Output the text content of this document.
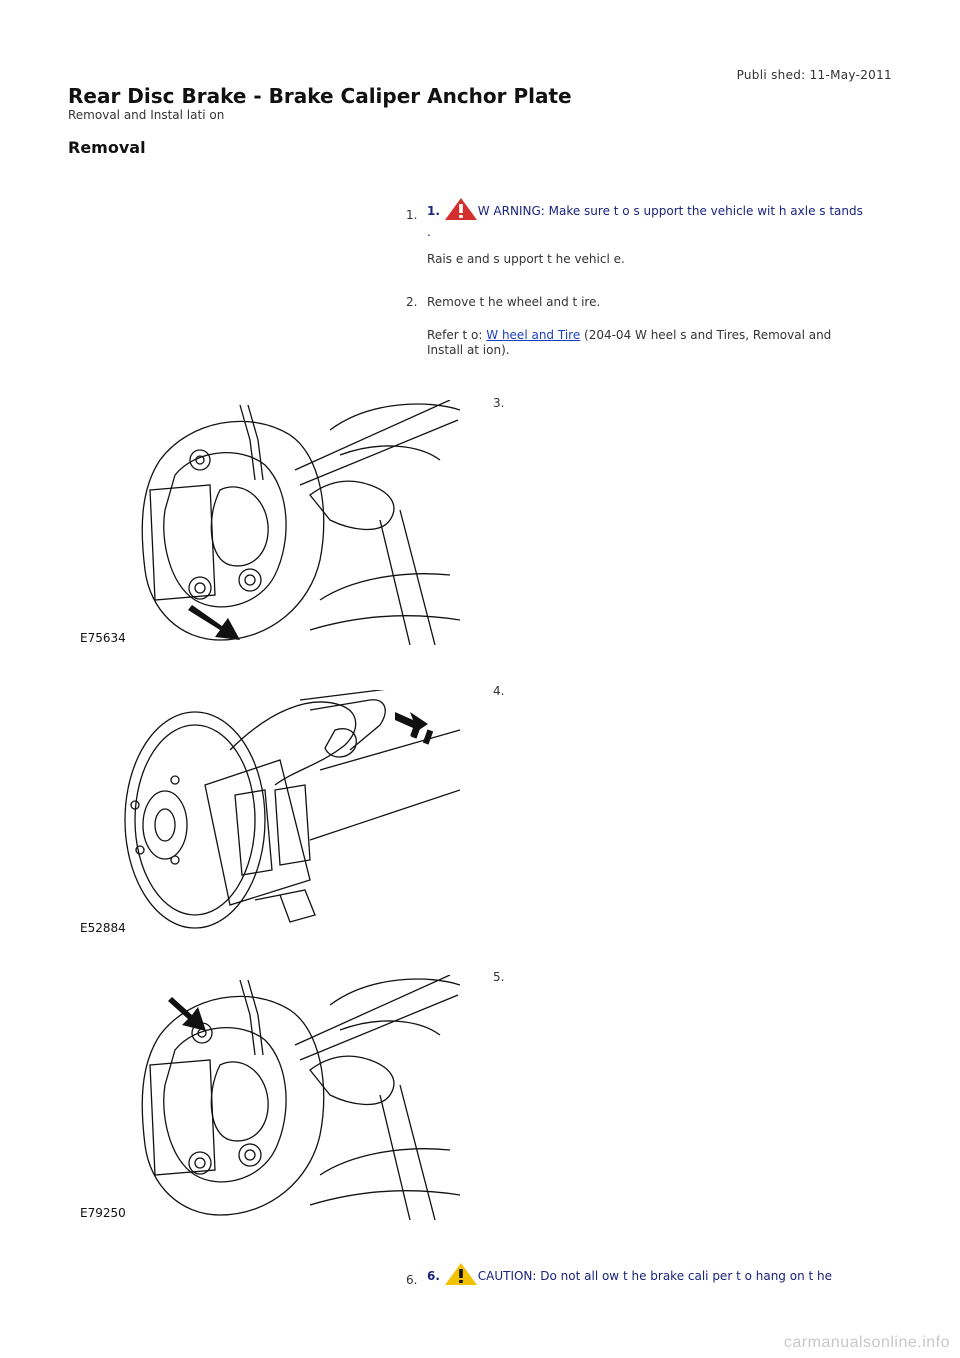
Publi shed: 11-May-2011
Rear Disc Brake - Brake Caliper Anchor Plate
Removal and Instal lati on
Removal
1. 1.	W ARNING: Make sure t o s upport the vehicle wit h axle s tands .

Rais e and s upport t he vehicl e.

2. Remove t he wheel and t ire.

Refer t o: W heel and Tire (204-04 W heel s and Tires, Removal and Install at ion).

3.
E75634
4.
E52884
5.
E79250
6. 6.	CAUTION: Do not all ow t he brake cali per t o hang on t he

carmanualsonline.info
